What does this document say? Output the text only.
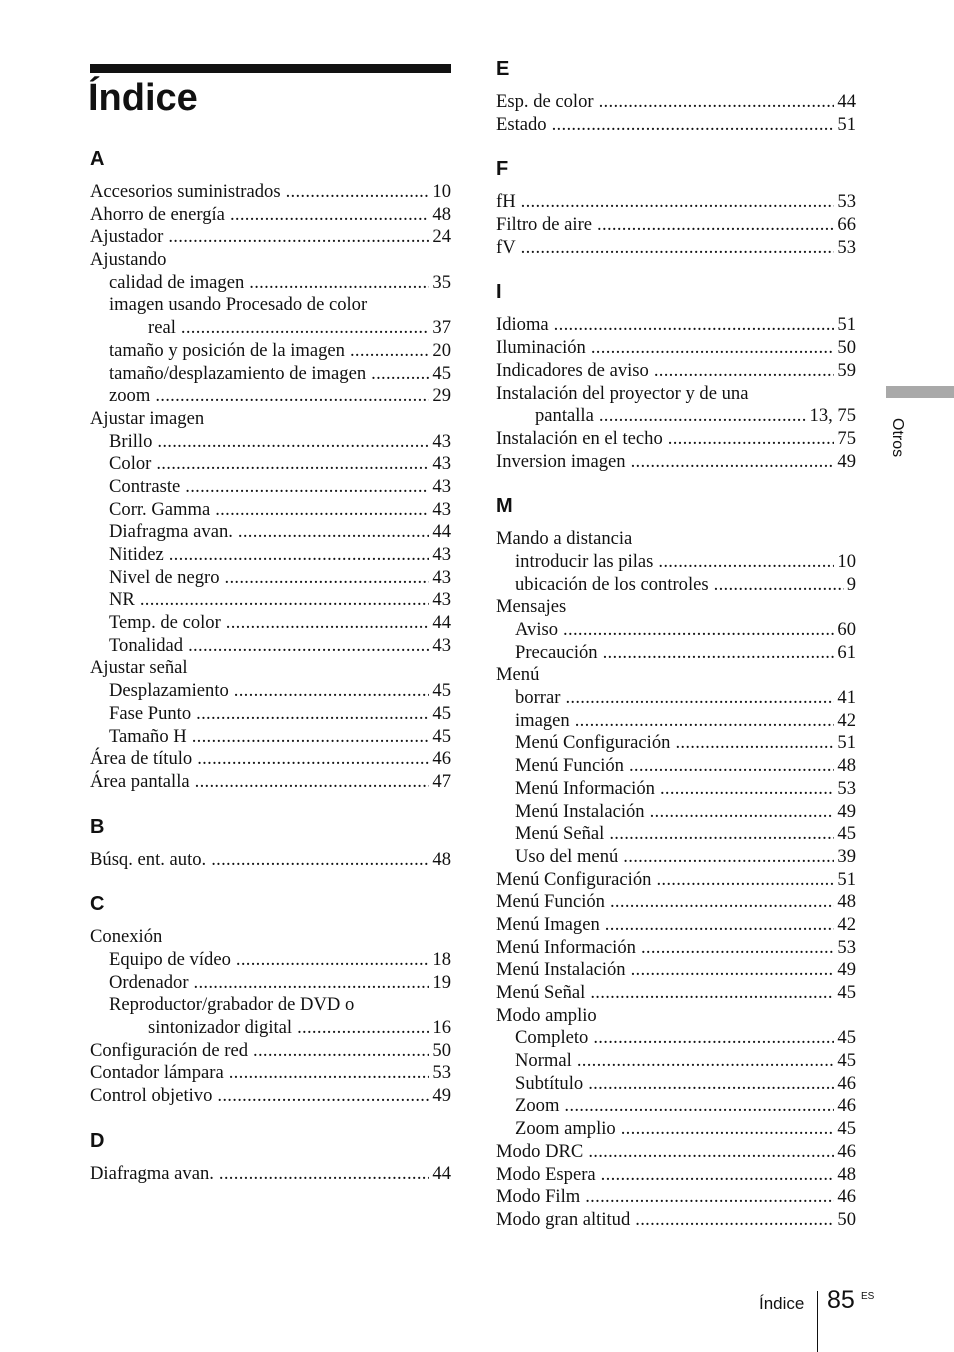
Índice
A
Accesorios suministrados .....	10
Ahorro de energía .....	48
Ajustador .....	24
Ajustando
calidad de imagen .....	35
imagen usando Procesado de color
real .....	37
tamaño y posición de la imagen .....	20
tamaño/desplazamiento de imagen .....	45
zoom .....	29
Ajustar imagen
Brillo .....	43
Color .....	43
Contraste .....	43
Corr. Gamma .....	43
Diafragma avan. .....	44
Nitidez .....	43
Nivel de negro .....	43
NR .....	43
Temp. de color .....	44
Tonalidad .....	43
Ajustar señal
Desplazamiento .....	45
Fase Punto .....	45
Tamaño H .....	45
Área de título .....	46
Área pantalla .....	47
B
Búsq. ent. auto. .....	48
C
Conexión
Equipo de vídeo .....	18
Ordenador .....	19
Reproductor/grabador de DVD o
sintonizador digital .....	16
Configuración de red .....	50
Contador lámpara .....	53
Control objetivo .....	49
D
Diafragma avan. .....	44
E
Esp. de color .....	44
Estado .....	51
F
fH .....	53
Filtro de aire .....	66
fV .....	53
I
Idioma .....	51
Iluminación .....	50
Indicadores de aviso .....	59
Instalación del proyector y de una
pantalla .....	13, 75
Instalación en el techo .....	75
Inversion imagen .....	49
M
Mando a distancia
introducir las pilas .....	10
ubicación de los controles .....	9
Mensajes
Aviso .....	60
Precaución .....	61
Menú
borrar .....	41
imagen .....	42
Menú Configuración .....	51
Menú Función .....	48
Menú Información .....	53
Menú Instalación .....	49
Menú Señal .....	45
Uso del menú .....	39
Menú Configuración .....	51
Menú Función .....	48
Menú Imagen .....	42
Menú Información .....	53
Menú Instalación .....	49
Menú Señal .....	45
Modo amplio
Completo .....	45
Normal .....	45
Subtítulo .....	46
Zoom .....	46
Zoom amplio .....	45
Modo DRC .....	46
Modo Espera .....	48
Modo Film .....	46
Modo gran altitud .....	50
Otros
Índice 85 ES
